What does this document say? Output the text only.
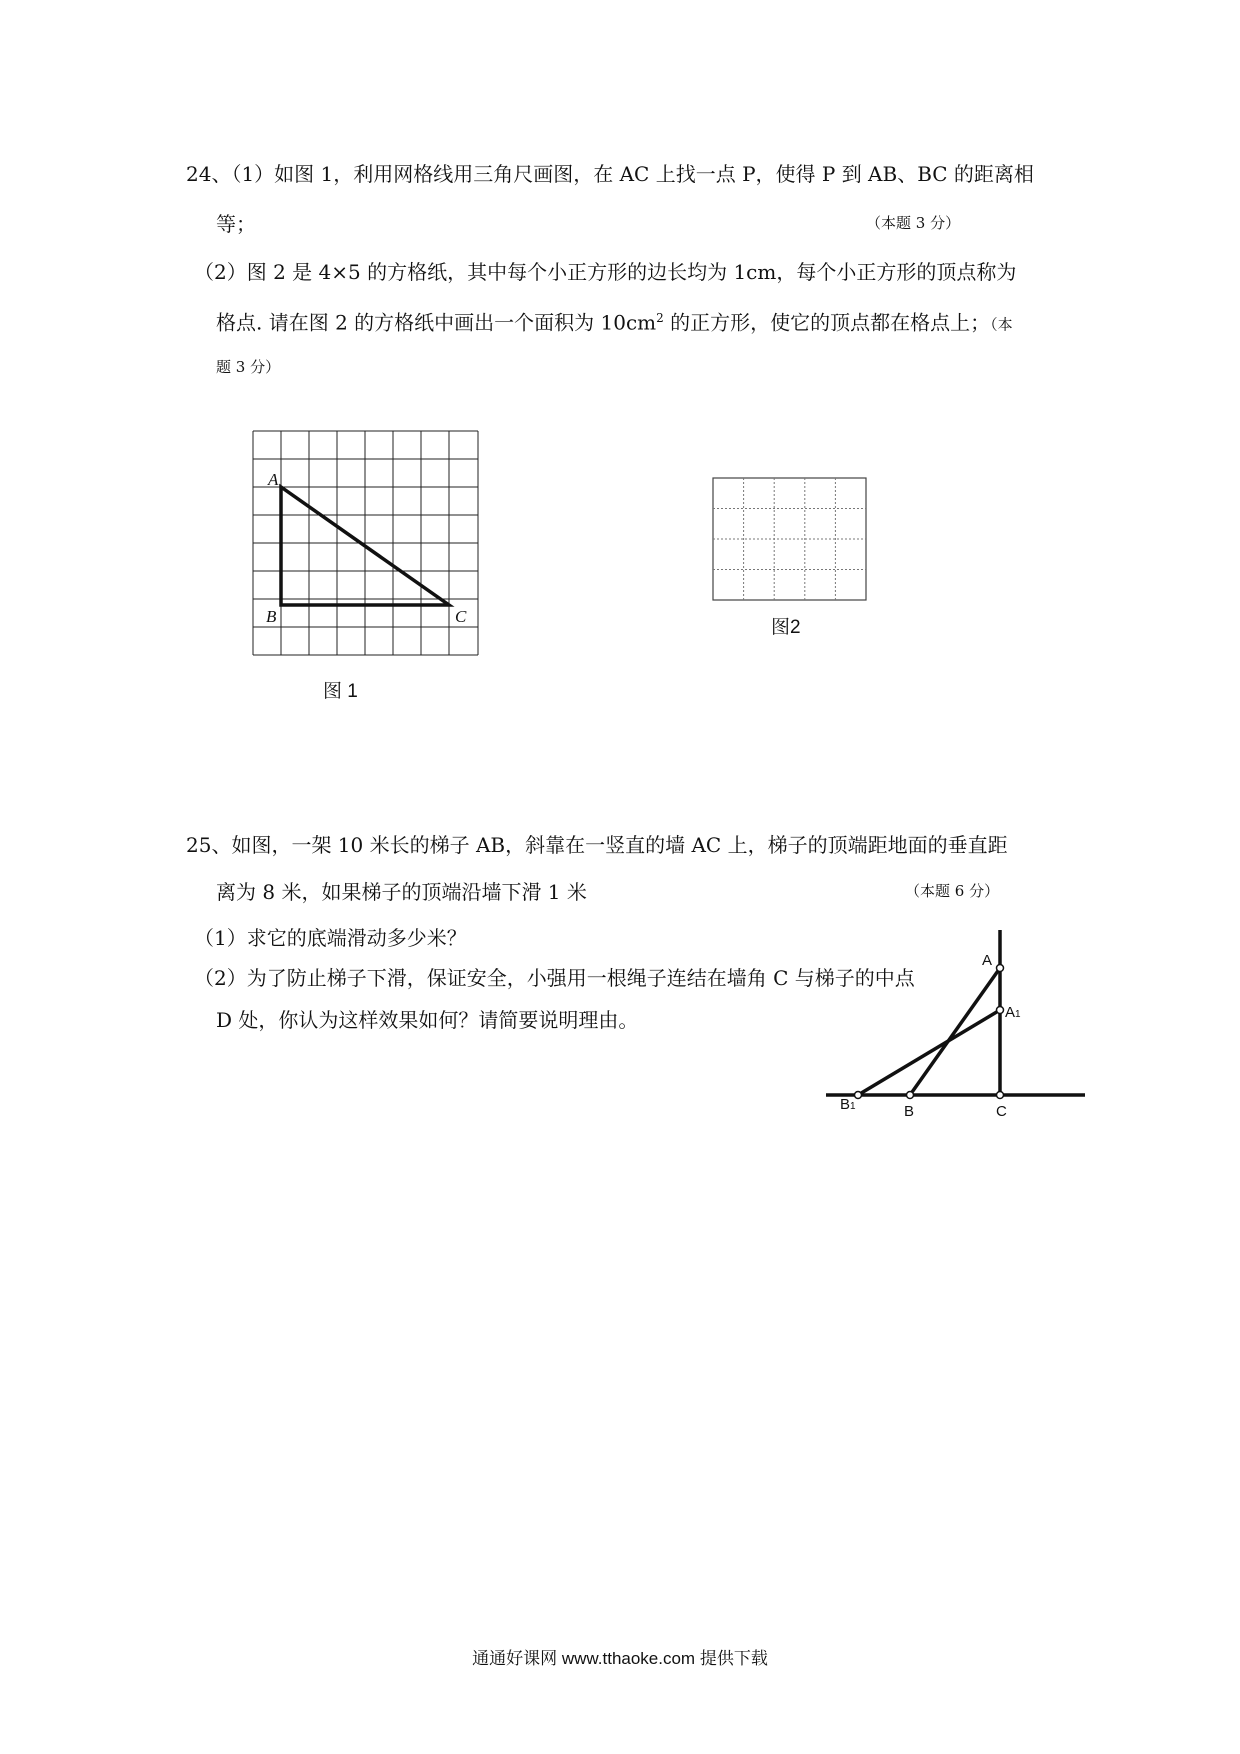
24、（1）如图 1，利用网格线用三角尺画图，在 AC 上找一点 P，使得 P 到 AB、BC 的距离相
等；	（本题 3 分）
（2）图 2 是 4×5 的方格纸，其中每个小正方形的边长均为 1cm，每个小正方形的顶点称为
格点. 请在图 2 的方格纸中画出一个面积为 $10cm^2$ 的正方形，使它的顶点都在格点上；（本
题 3 分）
A
B	C
图 1
图2
25、如图，一架 10 米长的梯子 AB，斜靠在一竖直的墙 AC 上，梯子的顶端距地面的垂直距
离为 8 米，如果梯子的顶端沿墙下滑 1 米	（本题 6 分）
（1）求它的底端滑动多少米？
（2）为了防止梯子下滑，保证安全，小强用一根绳子连结在墙角 C 与梯子的中点
D 处，你认为这样效果如何？请简要说明理由。
A
A1
B1	B	C
通通好课网 www.tthaoke.com 提供下载
